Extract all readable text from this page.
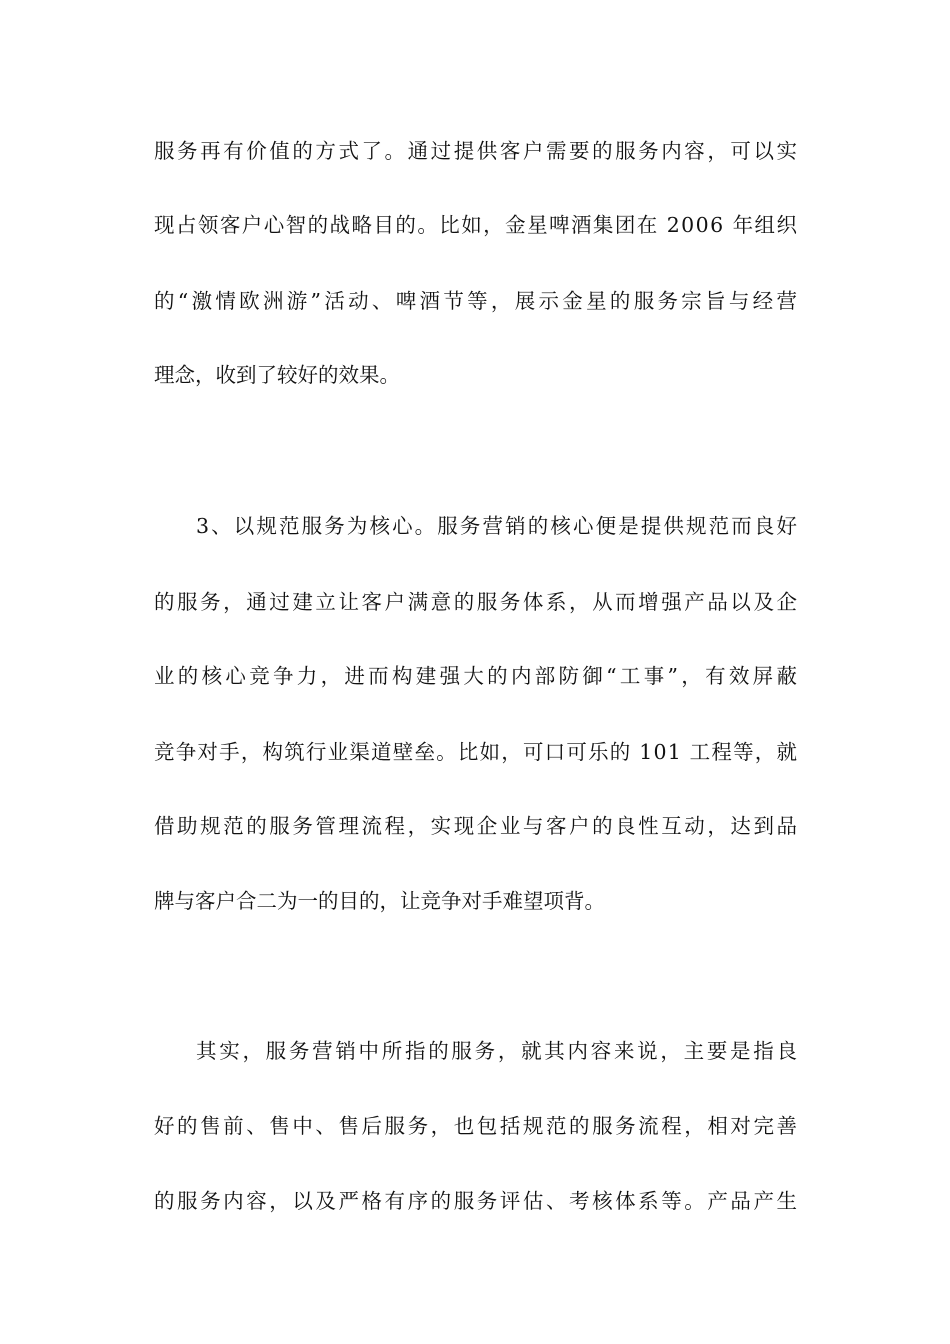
服务再有价值的方式了。通过提供客户需要的服务内容，可以实

现占领客户心智的战略目的。比如，金星啤酒集团在 2006 年组织

的“激情欧洲游”活动、啤酒节等，展示金星的服务宗旨与经营

理念，收到了较好的效果。

3、以规范服务为核心。服务营销的核心便是提供规范而良好

的服务，通过建立让客户满意的服务体系，从而增强产品以及企

业的核心竞争力，进而构建强大的内部防御“工事”，有效屏蔽

竞争对手，构筑行业渠道壁垒。比如，可口可乐的 101 工程等，就

借助规范的服务管理流程，实现企业与客户的良性互动，达到品

牌与客户合二为一的目的，让竞争对手难望项背。

其实，服务营销中所指的服务，就其内容来说，主要是指良

好的售前、售中、售后服务，也包括规范的服务流程，相对完善

的服务内容，以及严格有序的服务评估、考核体系等。产品产生
